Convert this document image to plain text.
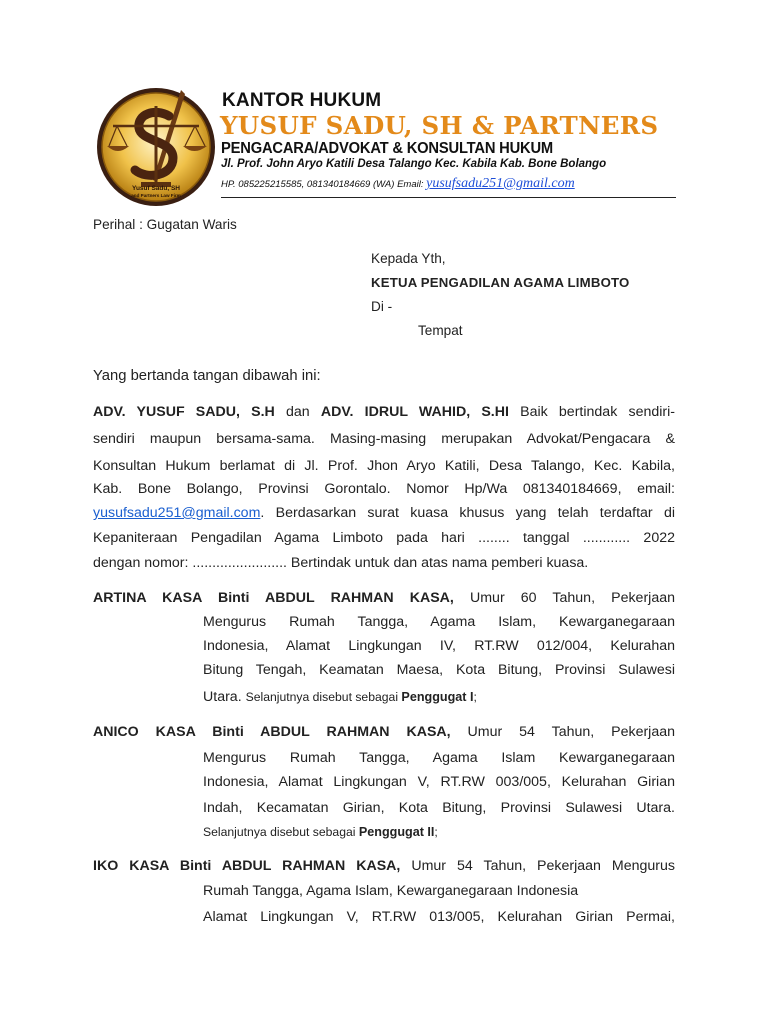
Yusuf Sadu, SH
and Partners Law Firm
KANTOR HUKUM
YUSUF SADU, SH & PARTNERS
PENGACARA/ADVOKAT & KONSULTAN HUKUM
Jl. Prof. John Aryo Katili Desa Talango Kec. Kabila Kab. Bone Bolango
HP. 085225215585, 081340184669 (WA) Email: yusufsadu251@gmail.com
Perihal : Gugatan Waris
Kepada Yth,
KETUA PENGADILAN AGAMA LIMBOTO
Di -
Tempat
Yang bertanda tangan dibawah ini:
ADV. YUSUF SADU, S.H dan ADV. IDRUL WAHID, S.HI Baik bertindak sendiri-
sendiri maupun bersama-sama. Masing-masing merupakan Advokat/Pengacara &
Konsultan Hukum berlamat di Jl. Prof. Jhon Aryo Katili, Desa Talango, Kec. Kabila,
Kab. Bone Bolango, Provinsi Gorontalo. Nomor Hp/Wa 081340184669, email:
yusufsadu251@gmail.com. Berdasarkan surat kuasa khusus yang telah terdaftar di
Kepaniteraan Pengadilan Agama Limboto pada hari ........ tanggal ............ 2022
dengan nomor: ........................ Bertindak untuk dan atas nama pemberi kuasa.
ARTINA KASA Binti ABDUL RAHMAN KASA, Umur 60 Tahun, Pekerjaan
Mengurus Rumah Tangga, Agama Islam, Kewarganegaraan
Indonesia, Alamat Lingkungan IV, RT.RW 012/004, Kelurahan
Bitung Tengah, Keamatan Maesa, Kota Bitung, Provinsi Sulawesi
Utara. Selanjutnya disebut sebagai Penggugat I;
ANICO KASA Binti ABDUL RAHMAN KASA, Umur 54 Tahun, Pekerjaan
Mengurus Rumah Tangga, Agama Islam Kewarganegaraan
Indonesia, Alamat Lingkungan V, RT.RW 003/005, Kelurahan Girian
Indah, Kecamatan Girian, Kota Bitung, Provinsi Sulawesi Utara.
Selanjutnya disebut sebagai Penggugat II;
IKO KASA Binti ABDUL RAHMAN KASA, Umur 54 Tahun, Pekerjaan Mengurus
Rumah Tangga, Agama Islam, Kewarganegaraan Indonesia
Alamat Lingkungan V, RT.RW 013/005, Kelurahan Girian Permai,
